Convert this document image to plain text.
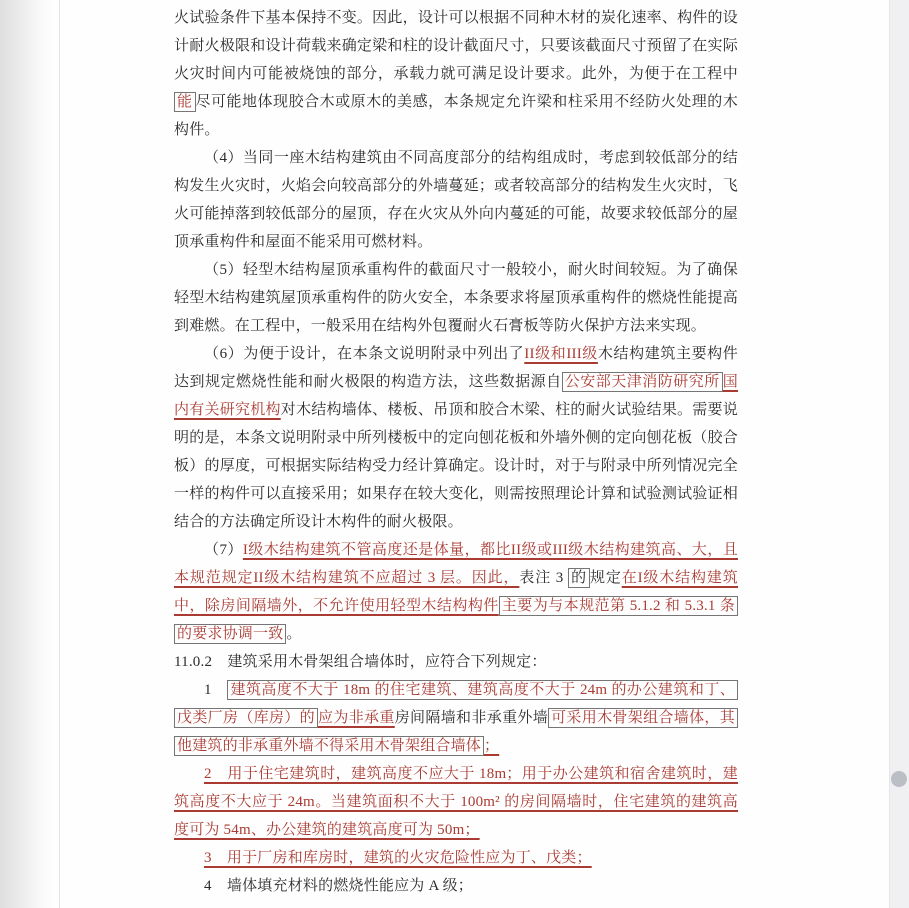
火试验条件下基本保持不变。因此，设计可以根据不同种木材的炭化速率、构件的设计耐火极限和设计荷载来确定梁和柱的设计截面尺寸，只要该截面尺寸预留了在实际火灾时间内可能被烧蚀的部分，承载力就可满足设计要求。此外，为便于在工程中能 尽可能地体现胶合木或原木的美感，本条规定允许梁和柱采用不经防火处理的木构件。

（4）当同一座木结构建筑由不同高度部分的结构组成时，考虑到较低部分的结构发生火灾时，火焰会向较高部分的外墙蔓延；或者较高部分的结构发生火灾时，飞火可能掉落到较低部分的屋顶，存在火灾从外向内蔓延的可能，故要求较低部分的屋顶承重构件和屋面不能采用可燃材料。

（5）轻型木结构屋顶承重构件的截面尺寸一般较小，耐火时间较短。为了确保轻型木结构建筑屋顶承重构件的防火安全，本条要求将屋顶承重构件的燃烧性能提高到难燃。在工程中，一般采用在结构外包覆耐火石膏板等防火保护方法来实现。

（6）为便于设计，在本条文说明附录中列出了II级和III级木结构建筑主要构件达到规定燃烧性能和耐火极限的构造方法，这些数据源自 公安部天津消防研究所 国内有关研究机构对木结构墙体、楼板、吊顶和胶合木梁、柱的耐火试验结果。需要说明的是，本条文说明附录中所列楼板中的定向刨花板和外墙外侧的定向刨花板（胶合板）的厚度，可根据实际结构受力经计算确定。设计时，对于与附录中所列情况完全一样的构件可以直接采用；如果存在较大变化，则需按照理论计算和试验测试验证相结合的方法确定所设计木构件的耐火极限。

（7）I级木结构建筑不管高度还是体量，都比II级或III级木结构建筑高、大，且本规范规定II级木结构建筑不应超过 3 层。因此，表注 3 的 规定在I级木结构建筑中，除房间隔墙外，不允许使用轻型木结构构件 主要为与本规范第 5.1.2 和 5.3.1 条的要求协调一致 。

11.0.2　建筑采用木骨架组合墙体时，应符合下列规定：

1　建筑高度不大于 18m 的住宅建筑、建筑高度不大于 24m 的办公建筑和丁、戊类厂房（库房）的 应为非承重房间隔墙和非承重外墙 可采用木骨架组合墙体，其他建筑的非承重外墙不得采用木骨架组合墙体 ；

2　用于住宅建筑时，建筑高度不应大于 18m；用于办公建筑和宿舍建筑时，建筑高度不大应于 24m。当建筑面积不大于 100m² 的房间隔墙时，住宅建筑的建筑高度可为 54m、办公建筑的建筑高度可为 50m；

3　用于厂房和库房时，建筑的火灾危险性应为丁、戊类；

4　墙体填充材料的燃烧性能应为 A 级；
